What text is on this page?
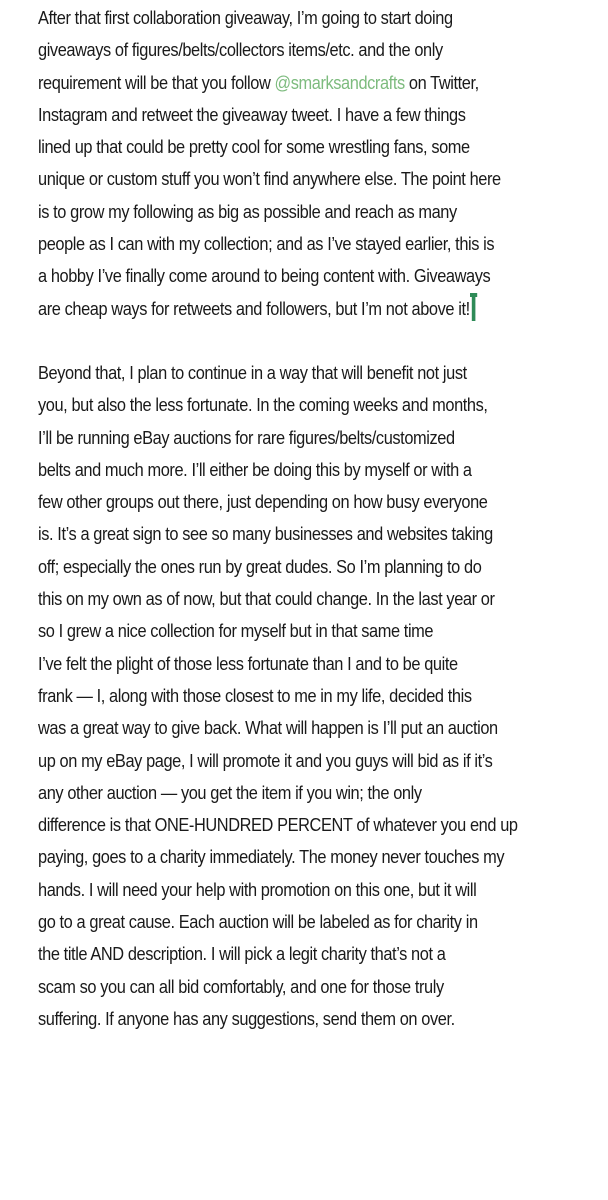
After that first collaboration giveaway, I’m going to start doing
giveaways of figures/belts/collectors items/etc. and the only
requirement will be that you follow @smarksandcrafts on Twitter,
Instagram and retweet the giveaway tweet. I have a few things
lined up that could be pretty cool for some wrestling fans, some
unique or custom stuff you won’t find anywhere else. The point here
is to grow my following as big as possible and reach as many
people as I can with my collection; and as I’ve stayed earlier, this is
a hobby I’ve finally come around to being content with. Giveaways
are cheap ways for retweets and followers, but I’m not above it!

Beyond that, I plan to continue in a way that will benefit not just
you, but also the less fortunate. In the coming weeks and months,
I’ll be running eBay auctions for rare figures/belts/customized
belts and much more. I’ll either be doing this by myself or with a
few other groups out there, just depending on how busy everyone
is. It’s a great sign to see so many businesses and websites taking
off; especially the ones run by great dudes. So I’m planning to do
this on my own as of now, but that could change. In the last year or
so I grew a nice collection for myself but in that same time
I’ve felt the plight of those less fortunate than I and to be quite
frank — I, along with those closest to me in my life, decided this
was a great way to give back. What will happen is I’ll put an auction
up on my eBay page, I will promote it and you guys will bid as if it’s
any other auction — you get the item if you win; the only
difference is that ONE-HUNDRED PERCENT of whatever you end up
paying, goes to a charity immediately. The money never touches my
hands. I will need your help with promotion on this one, but it will
go to a great cause. Each auction will be labeled as for charity in
the title AND description. I will pick a legit charity that’s not a
scam so you can all bid comfortably, and one for those truly
suffering. If anyone has any suggestions, send them on over.
